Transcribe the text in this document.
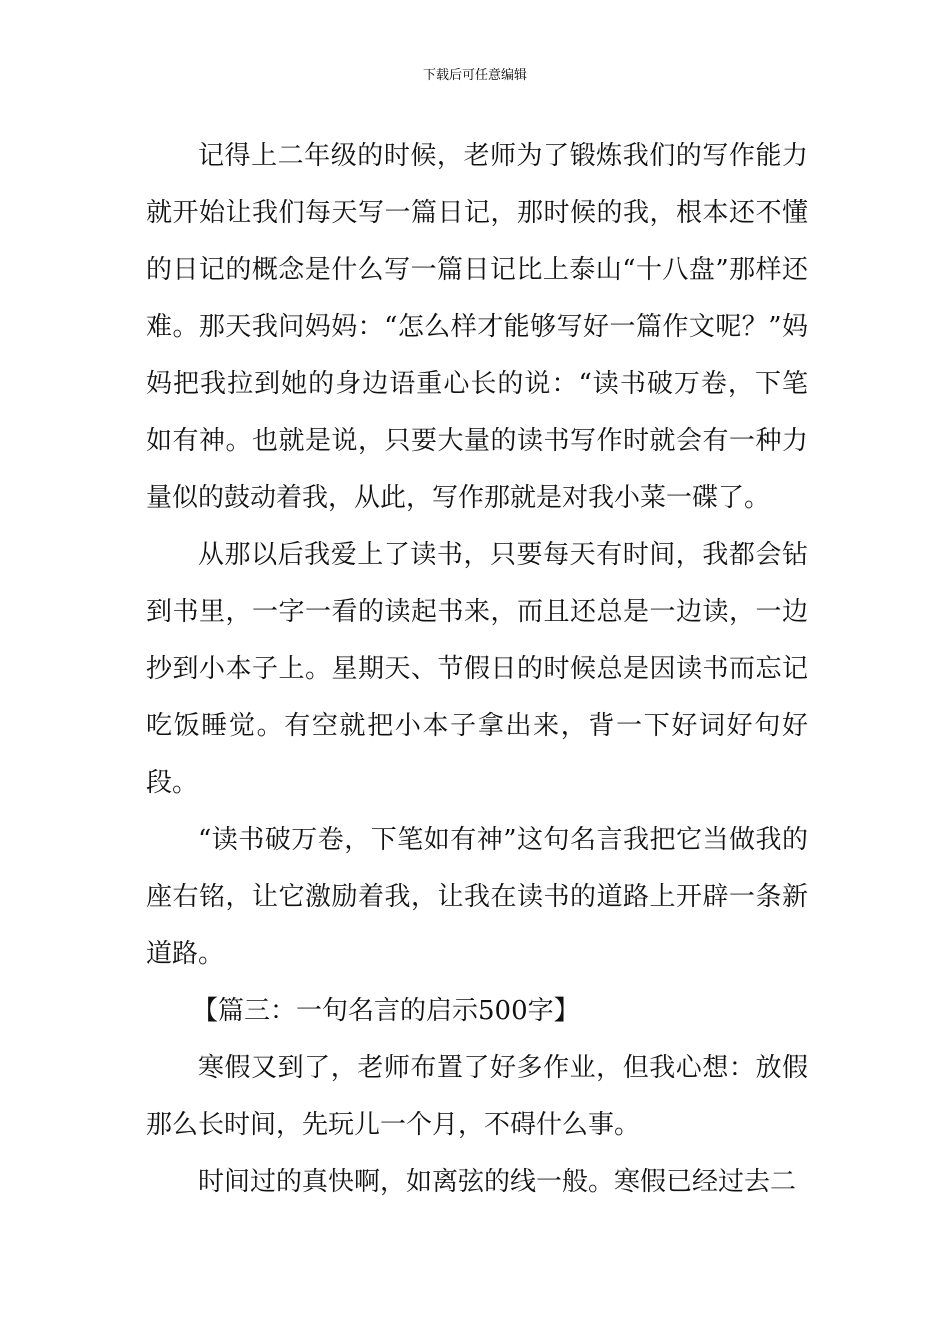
下载后可任意编辑

记得上二年级的时候，老师为了锻炼我们的写作能力就开始让我们每天写一篇日记，那时候的我，根本还不懂的日记的概念是什么写一篇日记比上泰山“十八盘”那样还难。那天我问妈妈：“怎么样才能够写好一篇作文呢？”妈妈把我拉到她的身边语重心长的说：“读书破万卷，下笔如有神。也就是说，只要大量的读书写作时就会有一种力量似的鼓动着我，从此，写作那就是对我小菜一碟了。

从那以后我爱上了读书，只要每天有时间，我都会钻到书里，一字一看的读起书来，而且还总是一边读，一边抄到小本子上。星期天、节假日的时候总是因读书而忘记吃饭睡觉。有空就把小本子拿出来，背一下好词好句好段。

“读书破万卷，下笔如有神”这句名言我把它当做我的座右铭，让它激励着我，让我在读书的道路上开辟一条新道路。

【篇三：一句名言的启示500字】

寒假又到了，老师布置了好多作业，但我心想：放假那么长时间，先玩儿一个月，不碍什么事。

时间过的真快啊，如离弦的线一般。寒假已经过去二
